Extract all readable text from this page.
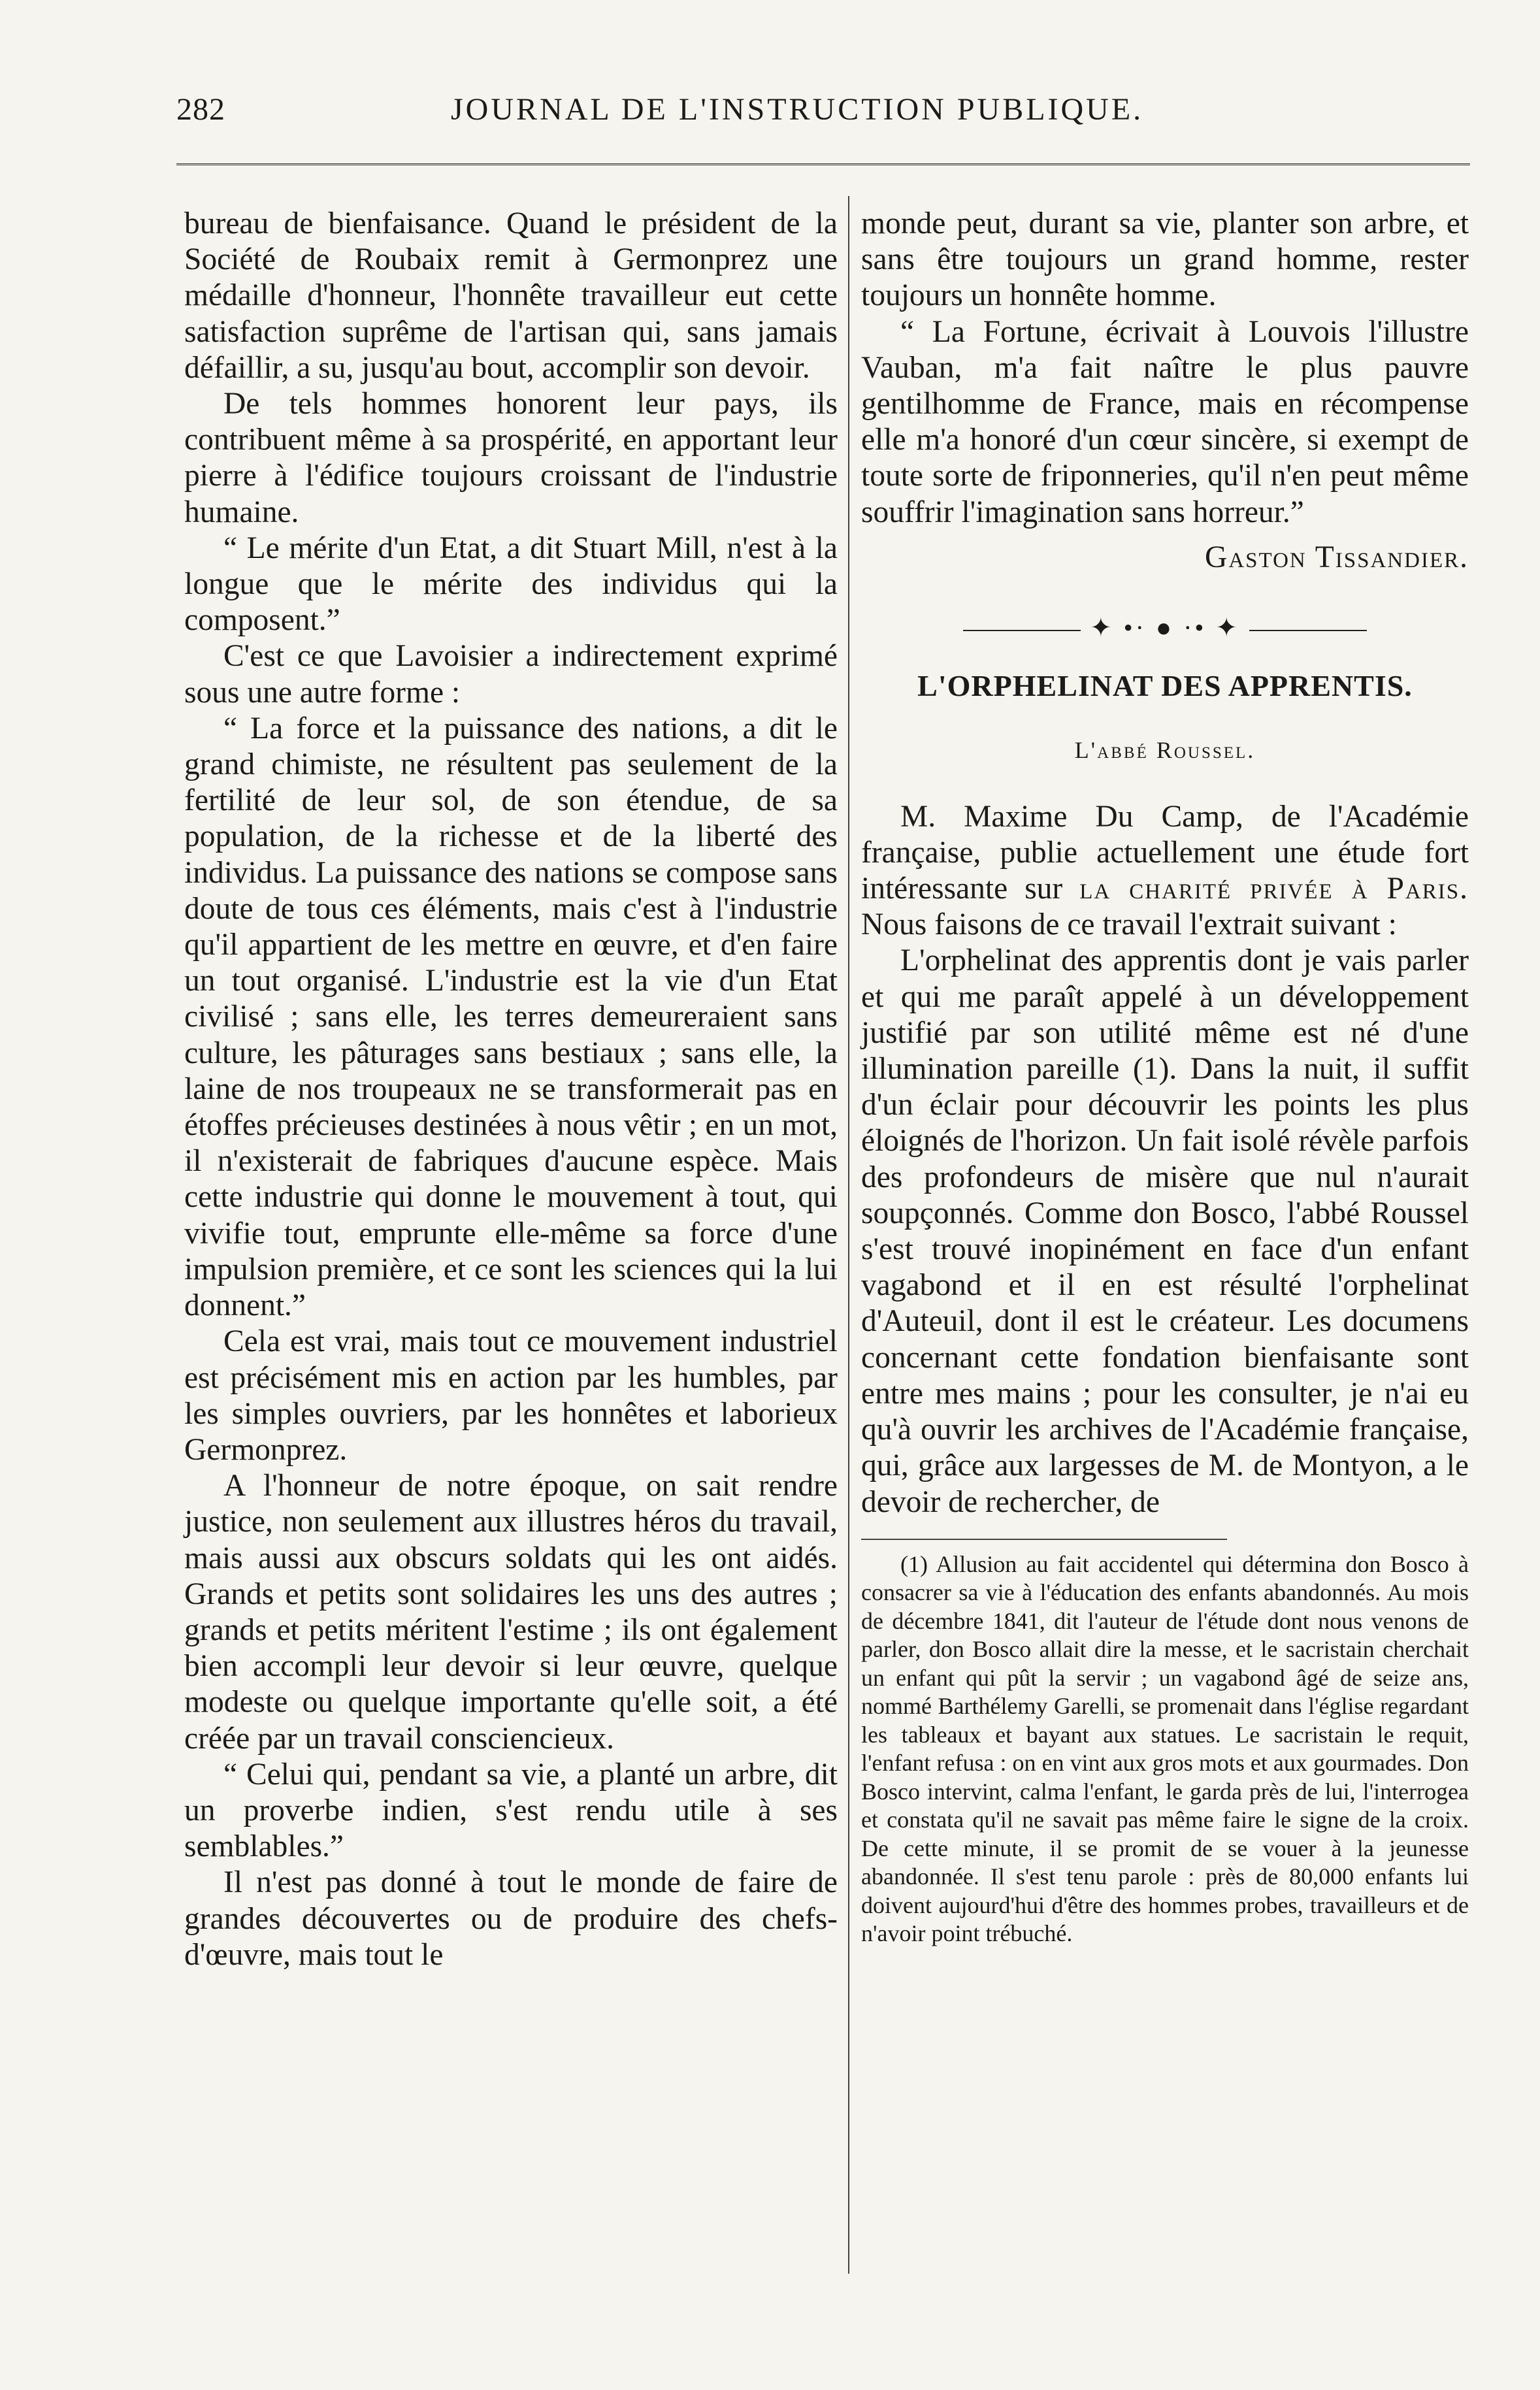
282	JOURNAL DE L'INSTRUCTION PUBLIQUE.

bureau de bienfaisance. Quand le président de la Société de Roubaix remit à Germonprez une médaille d'honneur, l'honnête travailleur eut cette satisfaction suprême de l'artisan qui, sans jamais défaillir, a su, jusqu'au bout, accomplir son devoir.

De tels hommes honorent leur pays, ils contribuent même à sa prospérité, en apportant leur pierre à l'édifice toujours croissant de l'industrie humaine.

“ Le mérite d'un Etat, a dit Stuart Mill, n'est à la longue que le mérite des individus qui la composent.”

C'est ce que Lavoisier a indirectement exprimé sous une autre forme :

“ La force et la puissance des nations, a dit le grand chimiste, ne résultent pas seulement de la fertilité de leur sol, de son étendue, de sa population, de la richesse et de la liberté des individus. La puissance des nations se compose sans doute de tous ces éléments, mais c'est à l'industrie qu'il appartient de les mettre en œuvre, et d'en faire un tout organisé. L'industrie est la vie d'un Etat civilisé ; sans elle, les terres demeureraient sans culture, les pâturages sans bestiaux ; sans elle, la laine de nos troupeaux ne se transformerait pas en étoffes précieuses destinées à nous vêtir ; en un mot, il n'existerait de fabriques d'aucune espèce. Mais cette industrie qui donne le mouvement à tout, qui vivifie tout, emprunte elle-même sa force d'une impulsion première, et ce sont les sciences qui la lui donnent.”

Cela est vrai, mais tout ce mouvement industriel est précisément mis en action par les humbles, par les simples ouvriers, par les honnêtes et laborieux Germonprez.

A l'honneur de notre époque, on sait rendre justice, non seulement aux illustres héros du travail, mais aussi aux obscurs soldats qui les ont aidés. Grands et petits sont solidaires les uns des autres ; grands et petits méritent l'estime ; ils ont également bien accompli leur devoir si leur œuvre, quelque modeste ou quelque importante qu'elle soit, a été créée par un travail consciencieux.

“ Celui qui, pendant sa vie, a planté un arbre, dit un proverbe indien, s'est rendu utile à ses semblables.”

Il n'est pas donné à tout le monde de faire de grandes découvertes ou de produire des chefs-d'œuvre, mais tout le

monde peut, durant sa vie, planter son arbre, et sans être toujours un grand homme, rester toujours un honnête homme.

“ La Fortune, écrivait à Louvois l'illustre Vauban, m'a fait naître le plus pauvre gentilhomme de France, mais en récompense elle m'a honoré d'un cœur sincère, si exempt de toute sorte de friponneries, qu'il n'en peut même souffrir l'imagination sans horreur.”

Gaston Tissandier.

✦ •· ● ·• ✦

L'ORPHELINAT DES APPRENTIS.

L'abbé Roussel.

M. Maxime Du Camp, de l'Académie française, publie actuellement une étude fort intéressante sur la charité privée à Paris. Nous faisons de ce travail l'extrait suivant :

L'orphelinat des apprentis dont je vais parler et qui me paraît appelé à un développement justifié par son utilité même est né d'une illumination pareille (1). Dans la nuit, il suffit d'un éclair pour découvrir les points les plus éloignés de l'horizon. Un fait isolé révèle parfois des profondeurs de misère que nul n'aurait soupçonnés. Comme don Bosco, l'abbé Roussel s'est trouvé inopinément en face d'un enfant vagabond et il en est résulté l'orphelinat d'Auteuil, dont il est le créateur. Les documens concernant cette fondation bienfaisante sont entre mes mains ; pour les consulter, je n'ai eu qu'à ouvrir les archives de l'Académie française, qui, grâce aux largesses de M. de Montyon, a le devoir de rechercher, de

(1) Allusion au fait accidentel qui détermina don Bosco à consacrer sa vie à l'éducation des enfants abandonnés. Au mois de décembre 1841, dit l'auteur de l'étude dont nous venons de parler, don Bosco allait dire la messe, et le sacristain cherchait un enfant qui pût la servir ; un vagabond âgé de seize ans, nommé Barthélemy Garelli, se promenait dans l'église regardant les tableaux et bayant aux statues. Le sacristain le requit, l'enfant refusa : on en vint aux gros mots et aux gourmades. Don Bosco intervint, calma l'enfant, le garda près de lui, l'interrogea et constata qu'il ne savait pas même faire le signe de la croix. De cette minute, il se promit de se vouer à la jeunesse abandonnée. Il s'est tenu parole : près de 80,000 enfants lui doivent aujourd'hui d'être des hommes probes, travailleurs et de n'avoir point trébuché.
